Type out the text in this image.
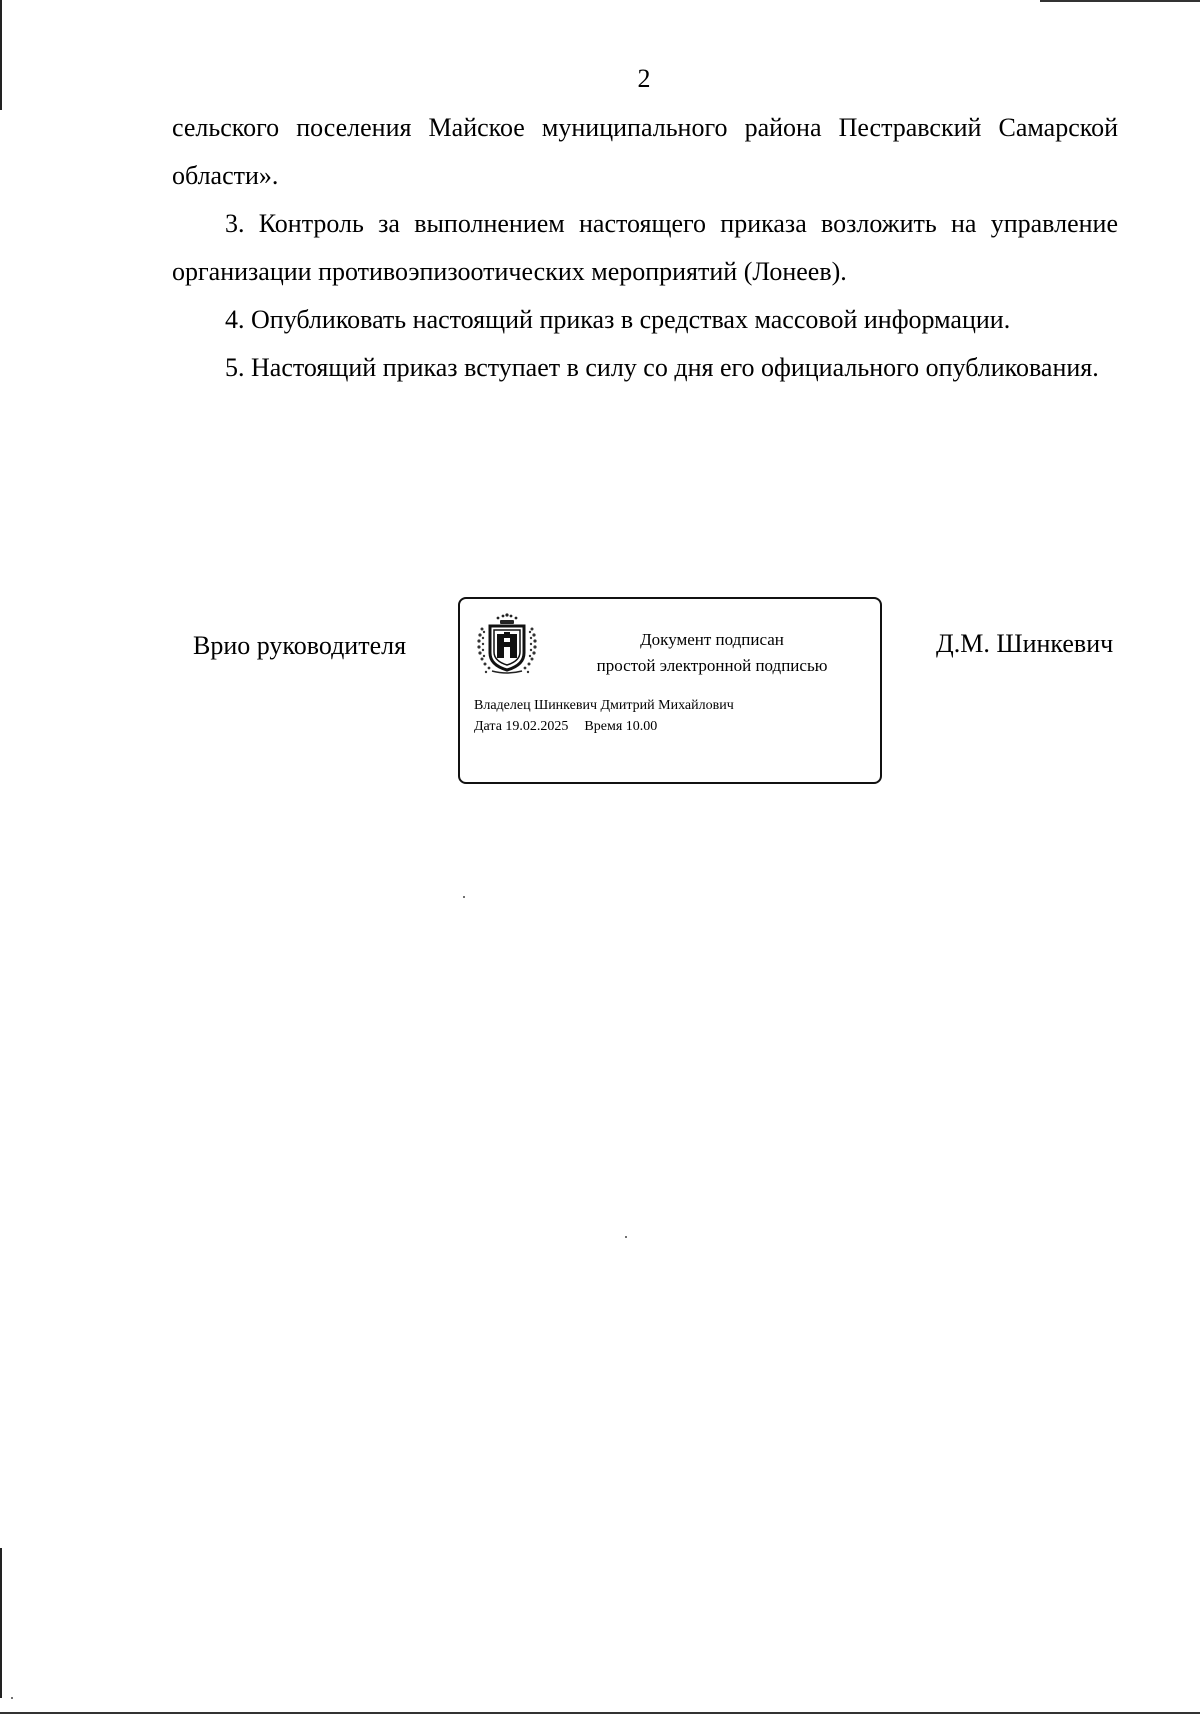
2

сельского поселения Майское муниципального района Пестравский Самарской области».

3. Контроль за выполнением настоящего приказа возложить на управление организации противоэпизоотических мероприятий (Лонеев).

4. Опубликовать настоящий приказ в средствах массовой информации.

5. Настоящий приказ вступает в силу со дня его официального опубликования.

Врио руководителя	Документ подписан
простой электронной подписью
Владелец Шинкевич Дмитрий Михайлович
Дата 19.02.2025 Время 10.00
Д.М. Шинкевич
